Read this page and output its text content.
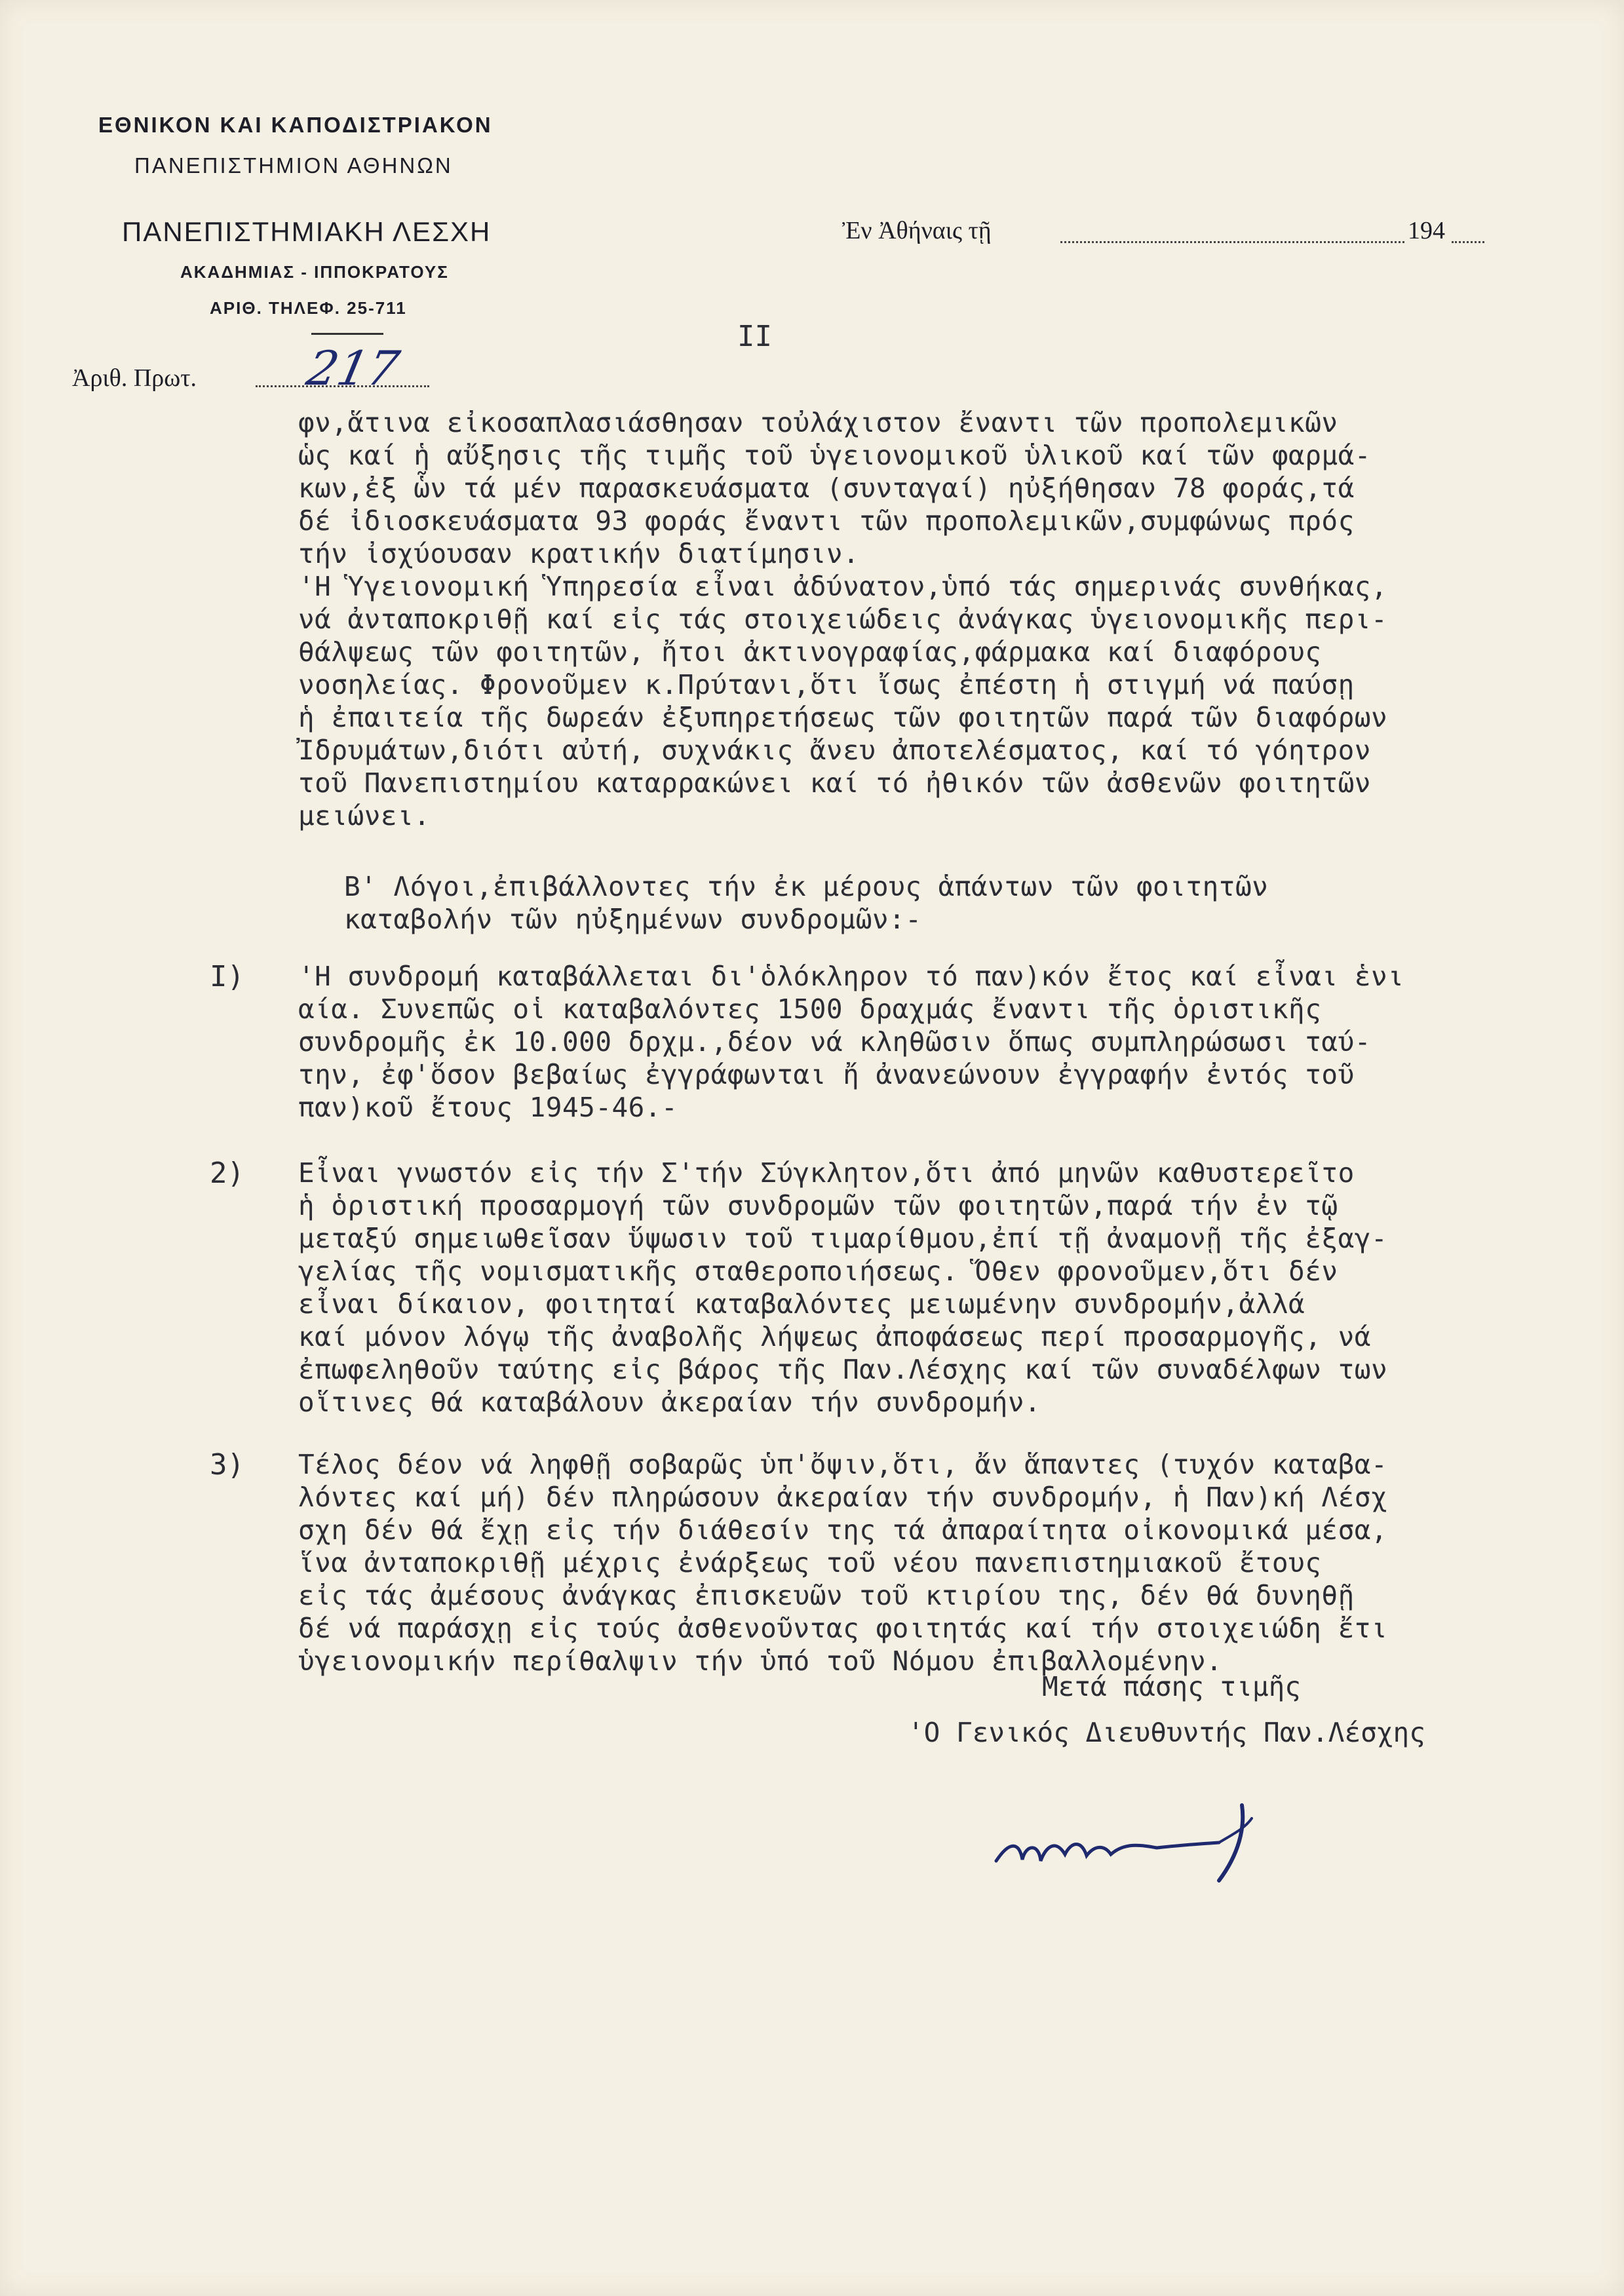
ΕΘΝΙΚΟΝ ΚΑΙ ΚΑΠΟΔΙΣΤΡΙΑΚΟΝ
ΠΑΝΕΠΙΣΤΗΜΙΟΝ ΑΘΗΝΩΝ
ΠΑΝΕΠΙΣΤΗΜΙΑΚΗ ΛΕΣΧΗ
ΑΚΑΔΗΜΙΑΣ - ΙΠΠΟΚΡΑΤΟΥΣ
ΑΡΙΘ. ΤΗΛΕΦ. 25-711
Ἀριθ. Πρωτ. 217
Ἐν Ἀθήναις τῇ	194
II
φν,ἅτινα εἰκοσαπλασιάσθησαν τοὐλάχιστον ἔναντι τῶν προπολεμικῶν
ὡς καί ἡ αὔξησις τῆς τιμῆς τοῦ ὑγειονομικοῦ ὑλικοῦ καί τῶν φαρμά-
κων,ἐξ ὧν τά μέν παρασκευάσματα (συνταγαί) ηὐξήθησαν 78 φοράς,τά
δέ ἰδιοσκευάσματα 93 φοράς ἔναντι τῶν προπολεμικῶν,συμφώνως πρός
τήν ἰσχύουσαν κρατικήν διατίμησιν.
'Η Ὑγειονομική Ὑπηρεσία εἶναι ἀδύνατον,ὑπό τάς σημερινάς συνθήκας,
νά ἀνταποκριθῇ καί εἰς τάς στοιχειώδεις ἀνάγκας ὑγειονομικῆς περι-
θάλψεως τῶν φοιτητῶν, ἤτοι ἀκτινογραφίας,φάρμακα καί διαφόρους
νοσηλείας. Φρονοῦμεν κ.Πρύτανι,ὅτι ἴσως ἐπέστη ἡ στιγμή νά παύσῃ
ἡ ἐπαιτεία τῆς δωρεάν ἐξυπηρετήσεως τῶν φοιτητῶν παρά τῶν διαφόρων
Ἰδρυμάτων,διότι αὐτή, συχνάκις ἄνευ ἀποτελέσματος, καί τό γόητρον
τοῦ Πανεπιστημίου καταρρακώνει καί τό ἠθικόν τῶν ἀσθενῶν φοιτητῶν
μειώνει.
Β' Λόγοι,ἐπιβάλλοντες τήν ἐκ μέρους ἁπάντων τῶν φοιτητῶν
καταβολήν τῶν ηὐξημένων συνδρομῶν:-
I) 'Η συνδρομή καταβάλλεται δι'ὁλόκληρον τό παν)κόν ἔτος καί εἶναι ἑνι
αία. Συνεπῶς οἱ καταβαλόντες 1500 δραχμάς ἔναντι τῆς ὁριστικῆς
συνδρομῆς ἐκ 10.000 δρχμ.,δέον νά κληθῶσιν ὅπως συμπληρώσωσι ταύ-
την, ἐφ'ὅσον βεβαίως ἐγγράφωνται ἤ ἀνανεώνουν ἐγγραφήν ἐντός τοῦ
παν)κοῦ ἔτους 1945-46.-
2) Εἶναι γνωστόν εἰς τήν Σ'τήν Σύγκλητον,ὅτι ἀπό μηνῶν καθυστερεῖτο
ἡ ὁριστική προσαρμογή τῶν συνδρομῶν τῶν φοιτητῶν,παρά τήν ἐν τῷ
μεταξύ σημειωθεῖσαν ὕψωσιν τοῦ τιμαρίθμου,ἐπί τῇ ἀναμονῇ τῆς ἐξαγ-
γελίας τῆς νομισματικῆς σταθεροποιήσεως. Ὅθεν φρονοῦμεν,ὅτι δέν
εἶναι δίκαιον, φοιτηταί καταβαλόντες μειωμένην συνδρομήν,ἀλλά
καί μόνον λόγῳ τῆς ἀναβολῆς λήψεως ἀποφάσεως περί προσαρμογῆς, νά
ἐπωφεληθοῦν ταύτης εἰς βάρος τῆς Παν.Λέσχης καί τῶν συναδέλφων των
οἵτινες θά καταβάλουν ἀκεραίαν τήν συνδρομήν.
3) Τέλος δέον νά ληφθῇ σοβαρῶς ὑπ'ὄψιν,ὅτι, ἄν ἅπαντες (τυχόν καταβα-
λόντες καί μή) δέν πληρώσουν ἀκεραίαν τήν συνδρομήν, ἡ Παν)κή Λέσχ
σχη δέν θά ἔχῃ εἰς τήν διάθεσίν της τά ἀπαραίτητα οἰκονομικά μέσα,
ἵνα ἀνταποκριθῇ μέχρις ἐνάρξεως τοῦ νέου πανεπιστημιακοῦ ἔτους
εἰς τάς ἀμέσους ἀνάγκας ἐπισκευῶν τοῦ κτιρίου της, δέν θά δυνηθῇ
δέ νά παράσχῃ εἰς τούς ἀσθενοῦντας φοιτητάς καί τήν στοιχειώδη ἔτι
ὑγειονομικήν περίθαλψιν τήν ὑπό τοῦ Νόμου ἐπιβαλλομένην.
Μετά πάσης τιμῆς
'Ο Γενικός Διευθυντής Παν.Λέσχης
